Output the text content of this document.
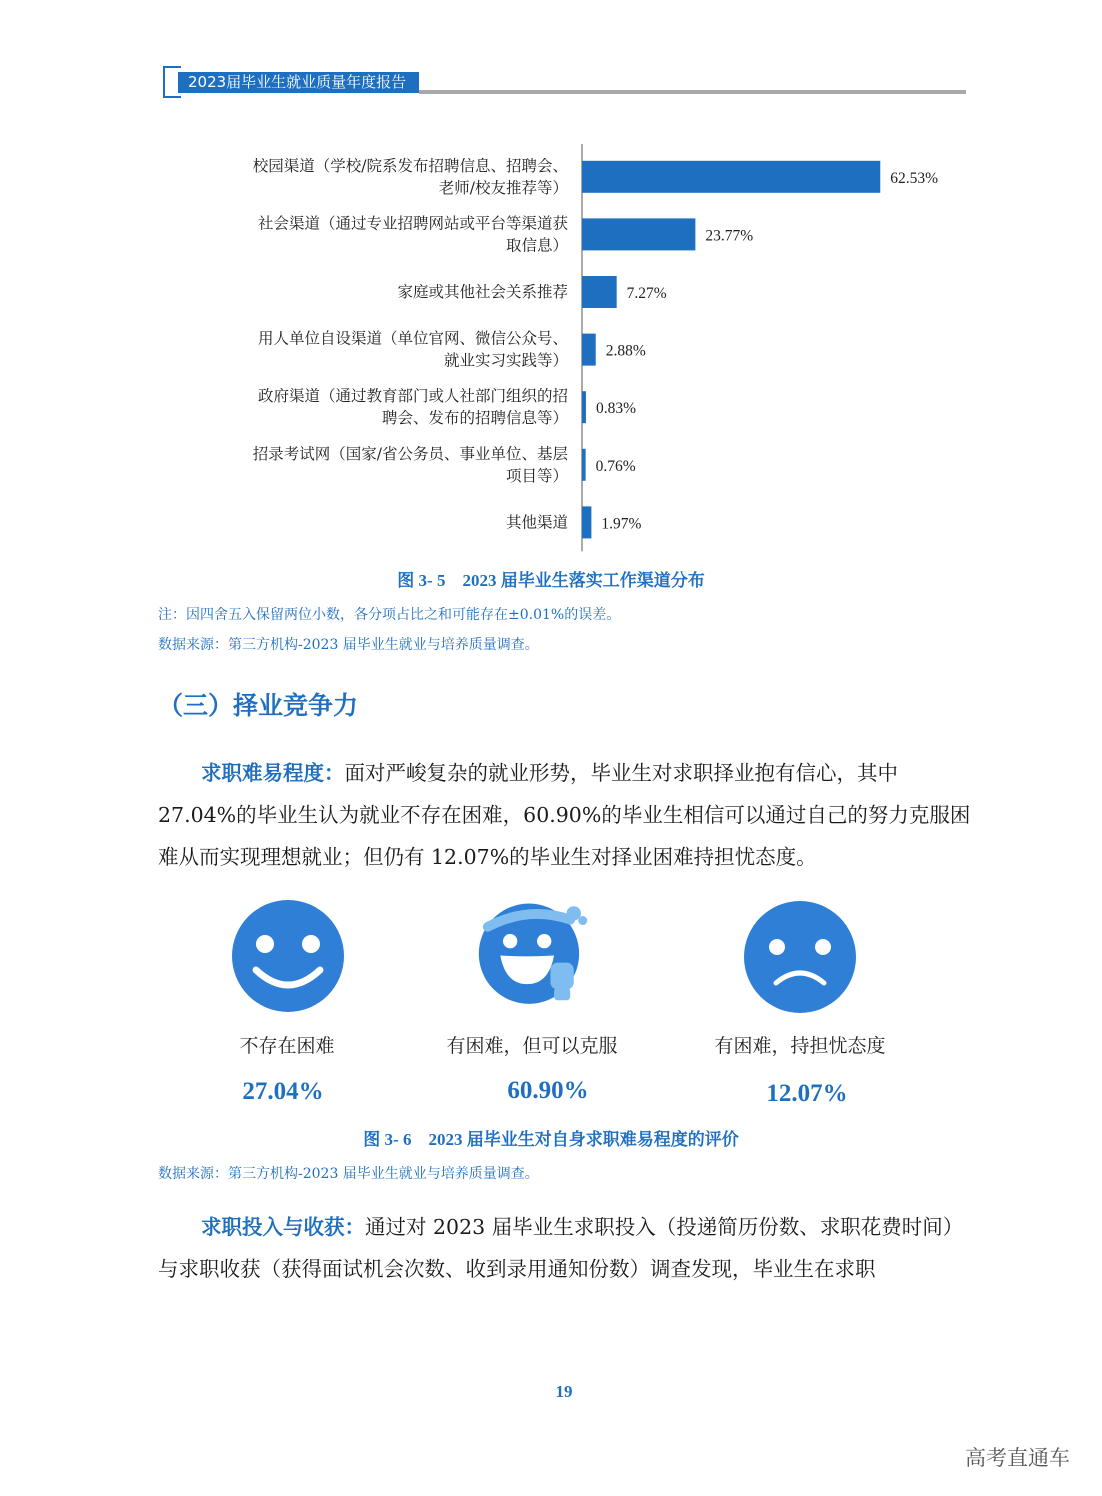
2023届毕业生就业质量年度报告
62.53%
校园渠道（学校/院系发布招聘信息、招聘会、
老师/校友推荐等）
23.77%
社会渠道（通过专业招聘网站或平台等渠道获
取信息）
7.27%
家庭或其他社会关系推荐
2.88%
用人单位自设渠道（单位官网、微信公众号、
就业实习实践等）
0.83%
政府渠道（通过教育部门或人社部门组织的招
聘会、发布的招聘信息等）
0.76%
招录考试网（国家/省公务员、事业单位、基层
项目等）
1.97%
其他渠道
图 3- 5　2023 届毕业生落实工作渠道分布
注：因四舍五入保留两位小数，各分项占比之和可能存在±0.01%的误差。
数据来源：第三方机构-2023 届毕业生就业与培养质量调查。
（三）择业竞争力
求职难易程度：面对严峻复杂的就业形势，毕业生对求职择业抱有信心，其中27.04%的毕业生认为就业不存在困难，60.90%的毕业生相信可以通过自己的努力克服困难从而实现理想就业；但仍有 12.07%的毕业生对择业困难持担忧态度。
不存在困难	有困难，但可以克服	有困难，持担忧态度
27.04%	60.90%	12.07%
图 3- 6　2023 届毕业生对自身求职难易程度的评价
数据来源：第三方机构-2023 届毕业生就业与培养质量调查。
求职投入与收获：通过对 2023 届毕业生求职投入（投递简历份数、求职花费时间）与求职收获（获得面试机会次数、收到录用通知份数）调查发现，毕业生在求职
19
高考直通车
